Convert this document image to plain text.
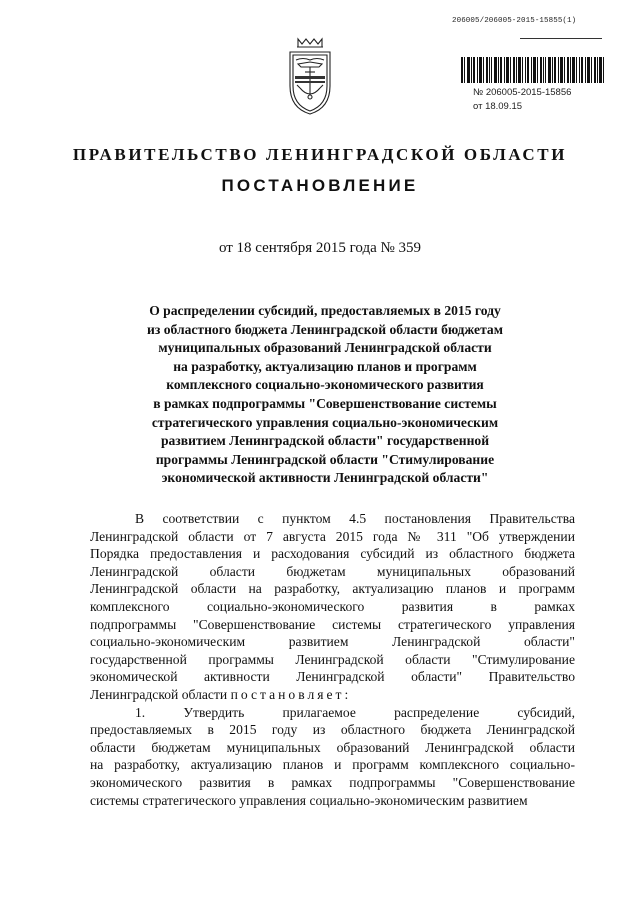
206005/206005-2015-15855(1)
№ 206005-2015-15856
от 18.09.15
ПРАВИТЕЛЬСТВО ЛЕНИНГРАДСКОЙ ОБЛАСТИ
ПОСТАНОВЛЕНИЕ
от 18 сентября 2015 года № 359
О распределении субсидий, предоставляемых в 2015 году
из областного бюджета Ленинградской области бюджетам
муниципальных образований Ленинградской области
на разработку, актуализацию планов и программ
комплексного социально-экономического развития
в рамках подпрограммы "Совершенствование системы
стратегического управления социально-экономическим
развитием Ленинградской области" государственной
программы Ленинградской области "Стимулирование
экономической активности Ленинградской области"
В соответствии с пунктом 4.5 постановления Правительства
Ленинградской области от 7 августа 2015 года № 311 "Об утверждении
Порядка предоставления и расходования субсидий из областного бюджета
Ленинградской области бюджетам муниципальных образований
Ленинградской области на разработку, актуализацию планов и программ
комплексного социально-экономического развития в рамках
подпрограммы "Совершенствование системы стратегического управления
социально-экономическим развитием Ленинградской области"
государственной программы Ленинградской области "Стимулирование
экономической активности Ленинградской области" Правительство
Ленинградской области постановляет:
1.	Утвердить прилагаемое распределение субсидий,
предоставляемых в 2015 году из областного бюджета Ленинградской
области бюджетам муниципальных образований Ленинградской области
на разработку, актуализацию планов и программ комплексного социально-
экономического развития в рамках подпрограммы "Совершенствование
системы стратегического управления социально-экономическим развитием
